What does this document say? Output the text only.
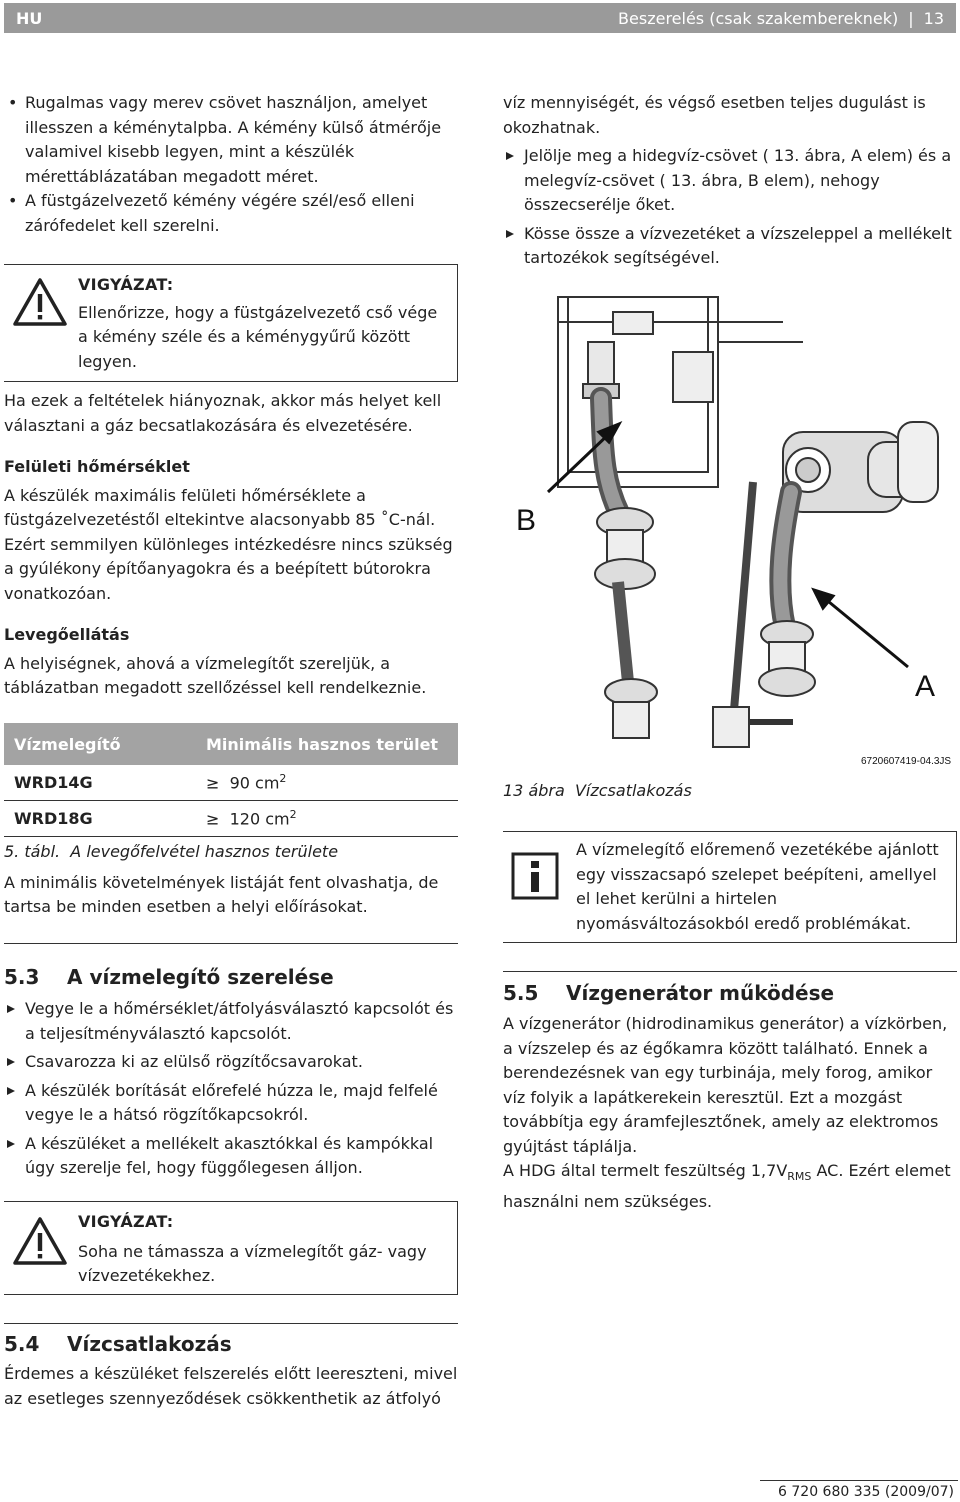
HU	Beszerelés (csak szakembereknek) | 13
• Rugalmas vagy merev csövet használjon, amelyet illesszen a kéménytalpba. A kémény külső átmérője valamivel kisebb legyen, mint a készülék mérettáblázatában megadott méret.
• A füstgázelvezető kémény végére szél/eső elleni zárófedelet kell szerelni.
VIGYÁZAT:
Ellenőrizze, hogy a füstgázelvezető cső vége a kémény széle és a kéménygyűrű között legyen.

Ha ezek a feltételek hiányoznak, akkor más helyet kell választani a gáz becsatlakozására és elvezetésére.

Felületi hőmérséklet

A készülék maximális felületi hőmérséklete a füstgázelvezetéstől eltekintve alacsonyabb 85 ˚C-nál. Ezért semmilyen különleges intézkedésre nincs szükség a gyúlékony építőanyagokra és a beépített bútorokra vonatkozóan.

Levegőellátás

A helyiségnek, ahová a vízmelegítőt szereljük, a táblázatban megadott szellőzéssel kell rendelkeznie.

Vízmelegítő	Minimális hasznos terület
WRD14G	≥ 90 $cm^2$
WRD18G	≥ 120 $cm^2$

5. tábl. A levegőfelvétel hasznos területe

A minimális követelmények listáját fent olvashatja, de tartsa be minden esetben a helyi előírásokat.

5.3 A vízmelegítő szerelése
Vegye le a hőmérséklet/átfolyásválasztó kapcsolót és a teljesítményválasztó kapcsolót.
Csavarozza ki az elülső rögzítőcsavarokat.
A készülék borítását előrefelé húzza le, majd felfelé vegye le a hátsó rögzítőkapcsokról.
A készüléket a mellékelt akasztókkal és kampókkal úgy szerelje fel, hogy függőlegesen álljon.
VIGYÁZAT:
Soha ne támassza a vízmelegítőt gáz- vagy vízvezetékekhez.
5.4 Vízcsatlakozás

Érdemes a készüléket felszerelés előtt leereszteni, mivel az esetleges szennyeződések csökkenthetik az átfolyó

víz mennyiségét, és végső esetben teljes dugulást is okozhatnak.

Jelölje meg a hidegvíz-csövet ( 13. ábra, A elem) és a melegvíz-csövet ( 13. ábra, B elem), nehogy összecserélje őket.
Kösse össze a vízvezetéket a vízszeleppel a mellékelt tartozékok segítségével.
B
A
6720607419-04.3JS

13 ábra Vízcsatlakozás

A vízmelegítő előremenő vezetékébe ajánlott egy visszacsapó szelepet beépíteni, amellyel el lehet kerülni a hirtelen nyomásváltozásokból eredő problémákat.
5.5 Vízgenerátor működése

A vízgenerátor (hidrodinamikus generátor) a vízkörben, a vízszelep és az égőkamra között található. Ennek a berendezésnek van egy turbinája, mely forog, amikor víz folyik a lapátkerekein keresztül. Ezt a mozgást továbbítja egy áramfejlesztőnek, amely az elektromos gyújtást táplálja.

A HDG által termelt feszültség $1,7V_{RMS}$ AC. Ezért elemet használni nem szükséges.

6 720 680 335 (2009/07)
